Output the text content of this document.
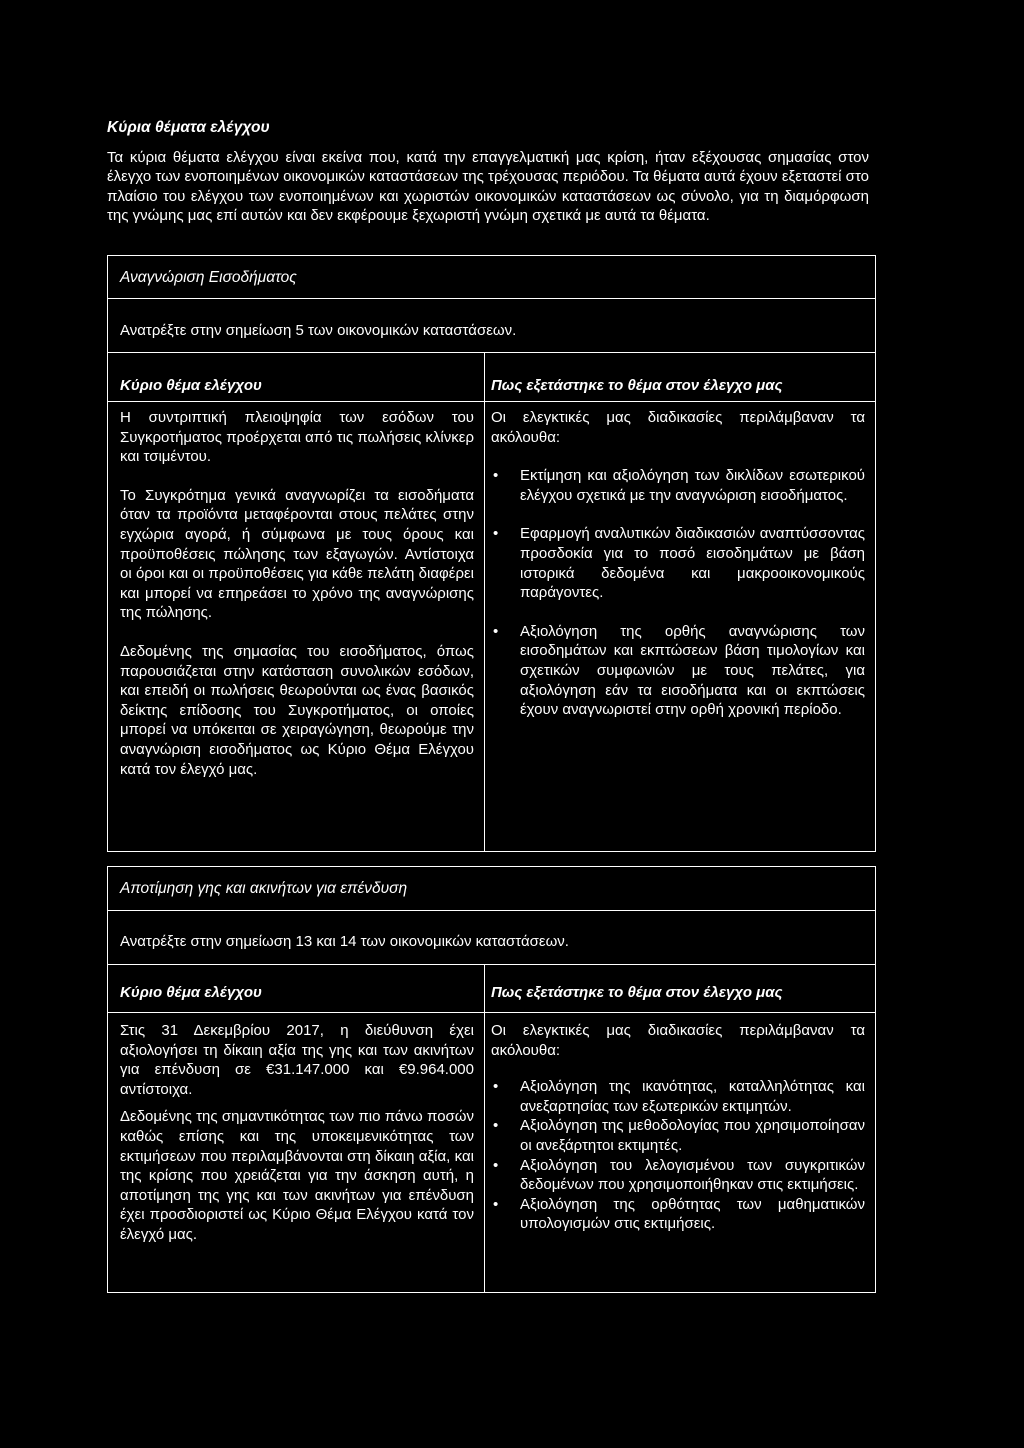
Κύρια θέματα ελέγχου

Τα κύρια θέματα ελέγχου είναι εκείνα που, κατά την επαγγελματική μας κρίση, ήταν εξέχουσας σημασίας στον έλεγχο των ενοποιημένων οικονομικών καταστάσεων της τρέχουσας περιόδου. Τα θέματα αυτά έχουν εξεταστεί στο πλαίσιο του ελέγχου των ενοποιημένων και χωριστών οικονομικών καταστάσεων ως σύνολο, για τη διαμόρφωση της γνώμης μας επί αυτών και δεν εκφέρουμε ξεχωριστή γνώμη σχετικά με αυτά τα θέματα.

Αναγνώριση Εισοδήματος

Ανατρέξτε στην σημείωση 5 των οικονομικών καταστάσεων.

Κύριο θέμα ελέγχου	Πως εξετάστηκε το θέμα στον έλεγχο μας

Η συντριπτική πλειοψηφία των εσόδων του Συγκροτήματος προέρχεται από τις πωλήσεις κλίνκερ και τσιμέντου.

Το Συγκρότημα γενικά αναγνωρίζει τα εισοδήματα όταν τα προϊόντα μεταφέρονται στους πελάτες στην εγχώρια αγορά, ή σύμφωνα με τους όρους και προϋποθέσεις πώλησης των εξαγωγών. Αντίστοιχα οι όροι και οι προϋποθέσεις για κάθε πελάτη διαφέρει και μπορεί να επηρεάσει το χρόνο της αναγνώρισης της πώλησης.

Δεδομένης της σημασίας του εισοδήματος, όπως παρουσιάζεται στην κατάσταση συνολικών εσόδων, και επειδή οι πωλήσεις θεωρούνται ως ένας βασικός δείκτης επίδοσης του Συγκροτήματος, οι οποίες μπορεί να υπόκειται σε χειραγώγηση, θεωρούμε την αναγνώριση εισοδήματος ως Κύριο Θέμα Ελέγχου κατά τον έλεγχό μας.

Οι ελεγκτικές μας διαδικασίες περιλάμβαναν τα ακόλουθα:

• Εκτίμηση και αξιολόγηση των δικλίδων εσωτερικού ελέγχου σχετικά με την αναγνώριση εισοδήματος.
• Εφαρμογή αναλυτικών διαδικασιών αναπτύσσοντας προσδοκία για το ποσό εισοδημάτων με βάση ιστορικά δεδομένα και μακροοικονομικούς παράγοντες.
• Αξιολόγηση της ορθής αναγνώρισης των εισοδημάτων και εκπτώσεων βάση τιμολογίων και σχετικών συμφωνιών με τους πελάτες, για αξιολόγηση εάν τα εισοδήματα και οι εκπτώσεις έχουν αναγνωριστεί στην ορθή χρονική περίοδο.
Αποτίμηση γης και ακινήτων για επένδυση

Ανατρέξτε στην σημείωση 13 και 14 των οικονομικών καταστάσεων.

Κύριο θέμα ελέγχου	Πως εξετάστηκε το θέμα στον έλεγχο μας

Στις 31 Δεκεμβρίου 2017, η διεύθυνση έχει αξιολογήσει τη δίκαιη αξία της γης και των ακινήτων για επένδυση σε €31.147.000 και €9.964.000 αντίστοιχα.

Δεδομένης της σημαντικότητας των πιο πάνω ποσών καθώς επίσης και της υποκειμενικότητας των εκτιμήσεων που περιλαμβάνονται στη δίκαιη αξία, και της κρίσης που χρειάζεται για την άσκηση αυτή, η αποτίμηση της γης και των ακινήτων για επένδυση έχει προσδιοριστεί ως Κύριο Θέμα Ελέγχου κατά τον έλεγχό μας.

Οι ελεγκτικές μας διαδικασίες περιλάμβαναν τα ακόλουθα:

• Αξιολόγηση της ικανότητας, καταλληλότητας και ανεξαρτησίας των εξωτερικών εκτιμητών.
• Αξιολόγηση της μεθοδολογίας που χρησιμοποίησαν οι ανεξάρτητοι εκτιμητές.
• Αξιολόγηση του λελογισμένου των συγκριτικών δεδομένων που χρησιμοποιήθηκαν στις εκτιμήσεις.
• Αξιολόγηση της ορθότητας των μαθηματικών υπολογισμών στις εκτιμήσεις.
